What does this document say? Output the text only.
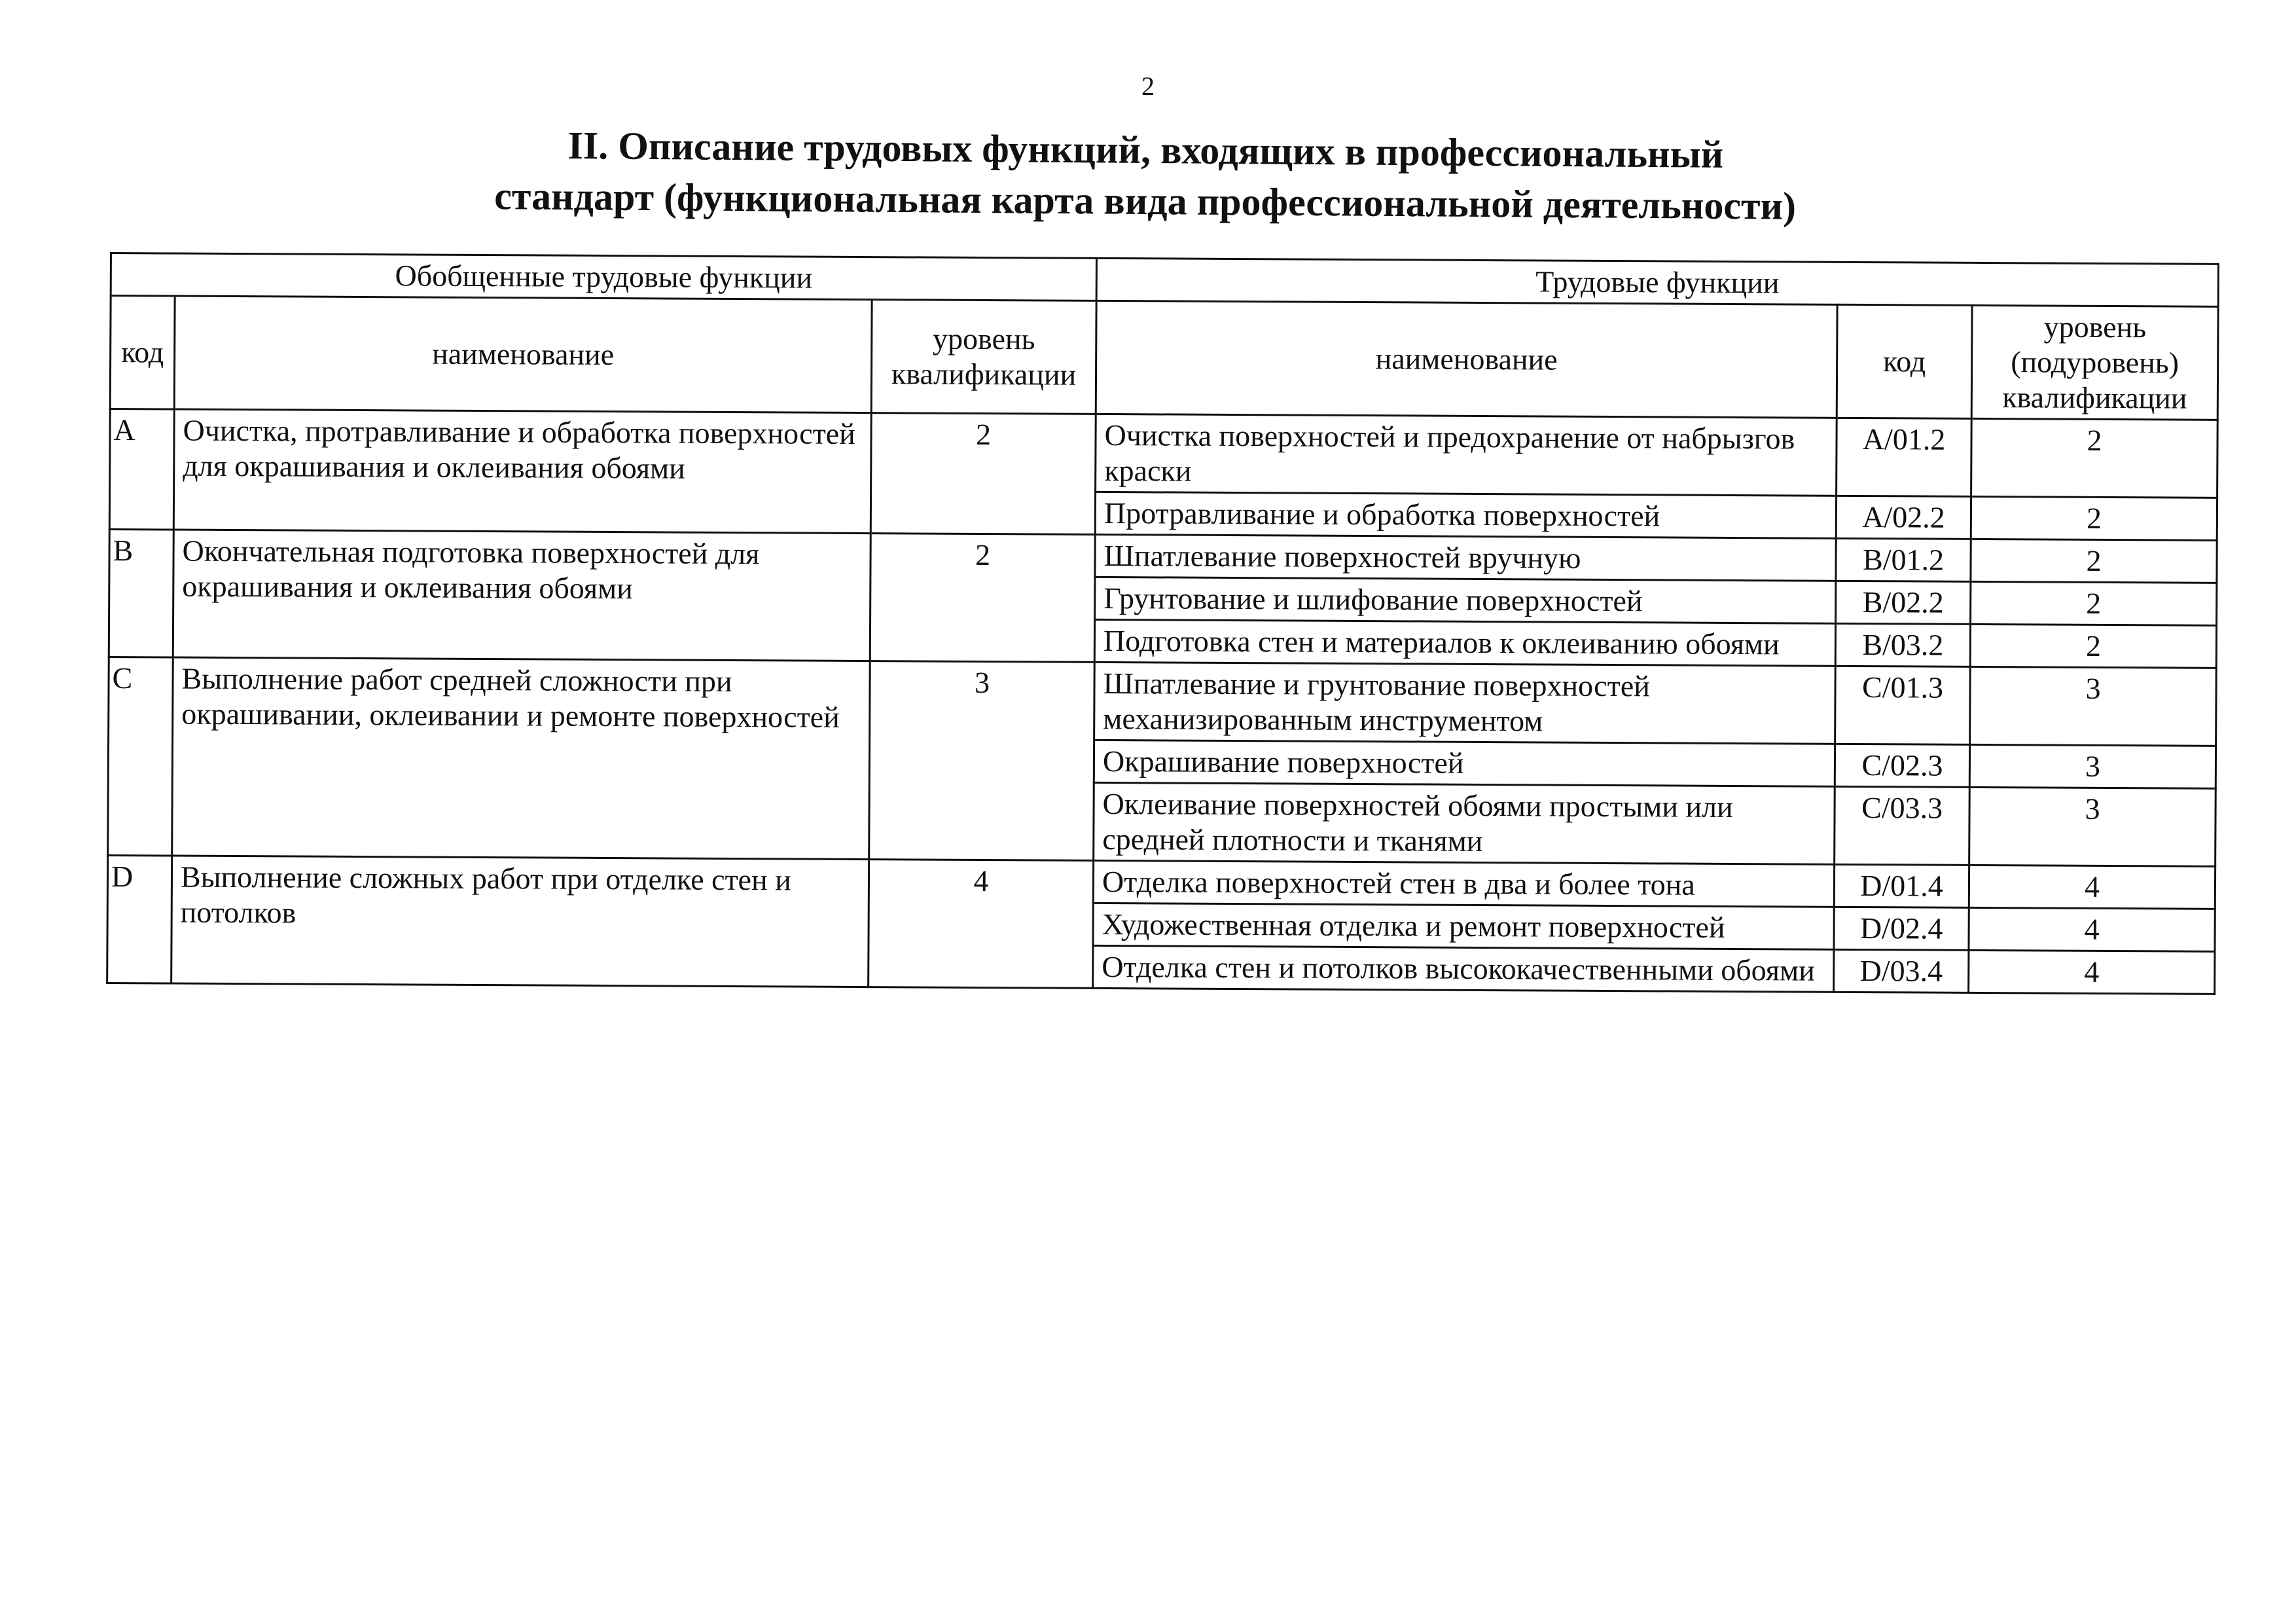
2
II. Описание трудовых функций, входящих в профессиональный
стандарт (функциональная карта вида профессиональной деятельности)
Обобщенные трудовые функции			Трудовые функции		
код	наименование	уровень квалификации	наименование	код	уровень (подуровень) квалификации
A	Очистка, протравливание и обработка поверхностей для окрашивания и оклеивания обоями	2	Очистка поверхностей и предохранение от набрызгов краски	A/01.2	2
			Протравливание и обработка поверхностей	A/02.2	2
B	Окончательная подготовка поверхностей для окрашивания и оклеивания обоями	2	Шпатлевание поверхностей вручную	B/01.2	2
			Грунтование и шлифование поверхностей	B/02.2	2
			Подготовка стен и материалов к оклеиванию обоями	B/03.2	2
C	Выполнение работ средней сложности при окрашивании, оклеивании и ремонте поверхностей	3	Шпатлевание и грунтование поверхностей механизированным инструментом	C/01.3	3
			Окрашивание поверхностей	C/02.3	3
			Оклеивание поверхностей обоями простыми или средней плотности и тканями	C/03.3	3
D	Выполнение сложных работ при отделке стен и потолков	4	Отделка поверхностей стен в два и более тона	D/01.4	4
			Художественная отделка и ремонт поверхностей	D/02.4	4
			Отделка стен и потолков высококачественными обоями	D/03.4	4
